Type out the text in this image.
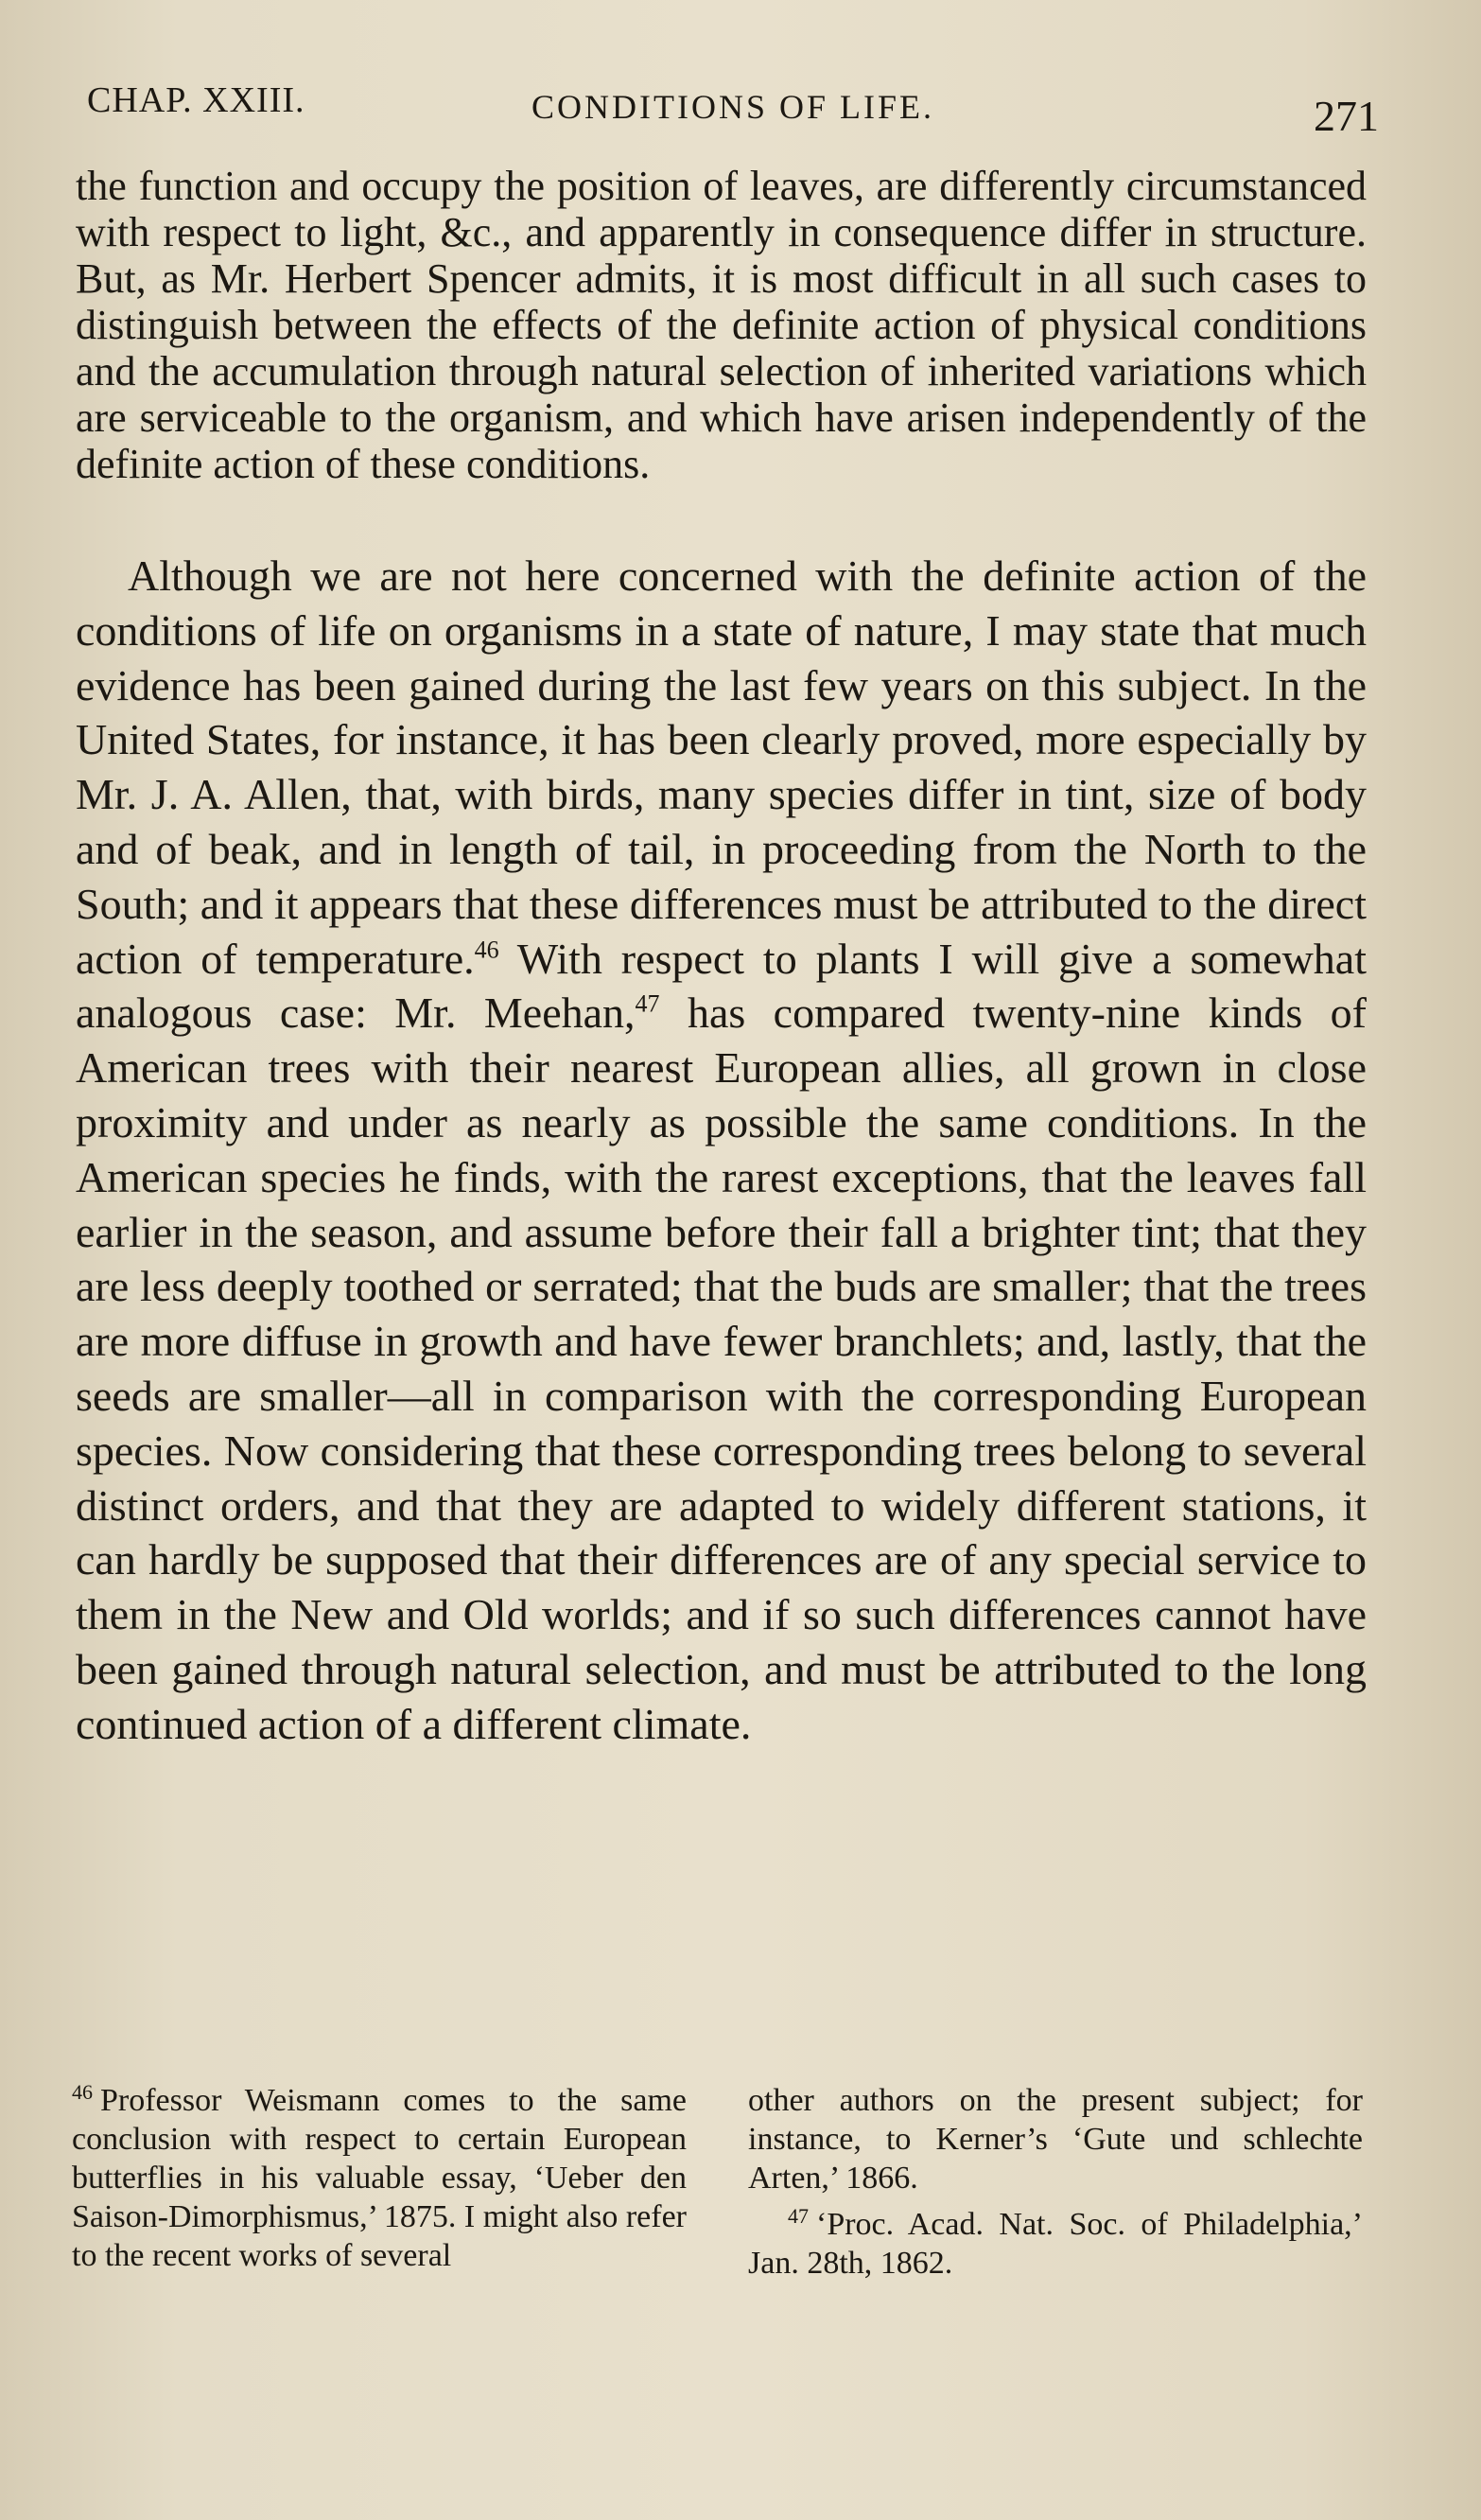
CHAP. XXIII.	CONDITIONS OF LIFE.	271

the function and occupy the position of leaves, are differently circumstanced with respect to light, &c., and apparently in consequence differ in structure. But, as Mr. Herbert Spencer admits, it is most difficult in all such cases to distinguish between the effects of the definite action of physical conditions and the accumulation through natural selection of inherited variations which are serviceable to the organism, and which have arisen independently of the definite action of these conditions.

Although we are not here concerned with the definite action of the conditions of life on organisms in a state of nature, I may state that much evidence has been gained during the last few years on this subject. In the United States, for instance, it has been clearly proved, more especially by Mr. J. A. Allen, that, with birds, many species differ in tint, size of body and of beak, and in length of tail, in proceeding from the North to the South; and it appears that these differences must be attributed to the direct action of temperature.$^{46}$ With respect to plants I will give a somewhat analogous case: Mr. Meehan,$^{47}$ has compared twenty-nine kinds of American trees with their nearest European allies, all grown in close proximity and under as nearly as possible the same conditions. In the American species he finds, with the rarest exceptions, that the leaves fall earlier in the season, and assume before their fall a brighter tint; that they are less deeply toothed or serrated; that the buds are smaller; that the trees are more diffuse in growth and have fewer branchlets; and, lastly, that the seeds are smaller—all in comparison with the corresponding European species. Now considering that these corresponding trees belong to several distinct orders, and that they are adapted to widely different stations, it can hardly be supposed that their differences are of any special service to them in the New and Old worlds; and if so such differences cannot have been gained through natural selection, and must be attributed to the long continued action of a different climate.

$^{46}$ Professor Weismann comes to the same conclusion with respect to certain European butterflies in his valuable essay, ‘Ueber den Saison-Dimorphismus,’ 1875. I might also refer to the recent works of several

other authors on the present subject; for instance, to Kerner’s ‘Gute und schlechte Arten,’ 1866.

$^{47}$ ‘Proc. Acad. Nat. Soc. of Philadelphia,’ Jan. 28th, 1862.
